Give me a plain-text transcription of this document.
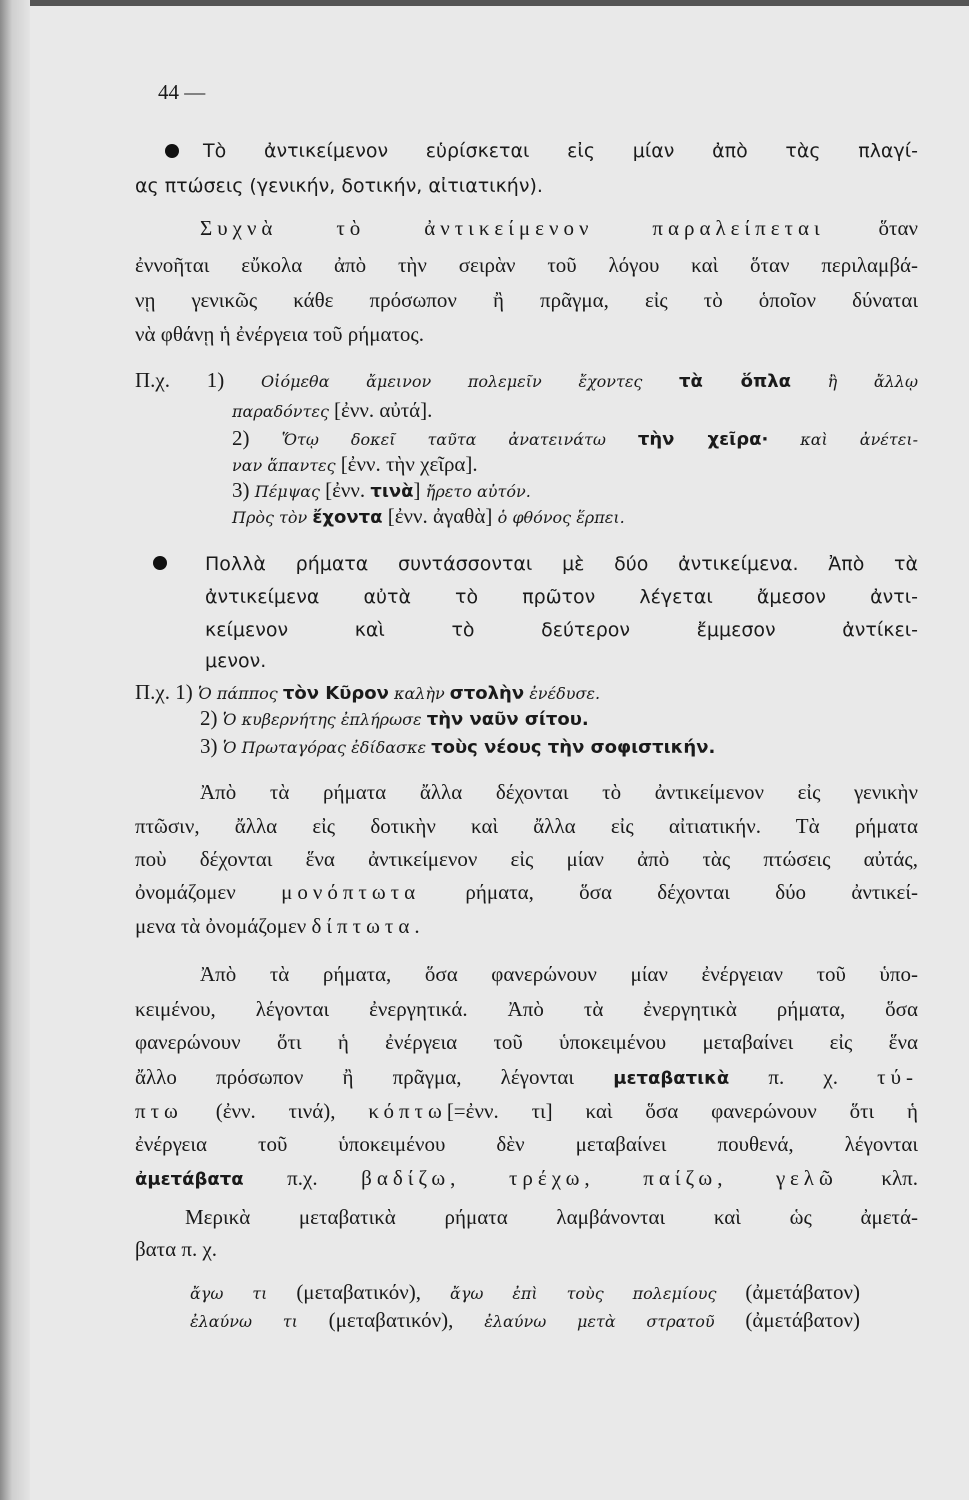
44 —
Τὸ ἀντικείμενον εὑρίσκεται εἰς μίαν ἀπὸ τὰς πλαγί-
ας πτώσεις (γενικήν, δοτικήν, αἰτιατικήν).
Συχνὰ τὸ ἀντικείμενον παραλείπεται ὅταν
ἐννοῆται εὔκολα ἀπὸ τὴν σειρὰν τοῦ λόγου καὶ ὅταν περιλαμβά-
νῃ γενικῶς κάθε πρόσωπον ἢ πρᾶγμα, εἰς τὸ ὁποῖον δύναται
νὰ φθάνῃ ἡ ἐνέργεια τοῦ ρήματος.
Π.χ. 1) Οἰόμεθα ἄμεινον πολεμεῖν ἔχοντες τὰ ὅπλα ἢ ἄλλῳ
παραδόντες [ἐνν. αὐτά].
2) Ὅτῳ δοκεῖ ταῦτα ἀνατεινάτω τὴν χεῖρα· καὶ ἀνέτει-
ναν ἅπαντες [ἐνν. τὴν χεῖρα].
3) Πέμψας [ἐνν. τινὰ] ἤρετο αὐτόν.
Πρὸς τὸν ἔχοντα [ἐνν. ἀγαθὰ] ὁ φθόνος ἕρπει.
Πολλὰ ρήματα συντάσσονται μὲ δύο ἀντικείμενα. Ἀπὸ τὰ
ἀντικείμενα αὐτὰ τὸ πρῶτον λέγεται ἄμεσον ἀντι-
κείμενον καὶ τὸ δεύτερον ἔμμεσον ἀντίκει-
μενον.
Π.χ. 1) Ὁ πάππος τὸν Κῦρον καλὴν στολὴν ἐνέδυσε.
2) Ὁ κυβερνήτης ἐπλήρωσε τὴν ναῦν σίτου.
3) Ὁ Πρωταγόρας ἐδίδασκε τοὺς νέους τὴν σοφιστικήν.
Ἀπὸ τὰ ρήματα ἄλλα δέχονται τὸ ἀντικείμενον εἰς γενικὴν
πτῶσιν, ἄλλα εἰς δοτικὴν καὶ ἄλλα εἰς αἰτιατικήν. Τὰ ρήματα
ποὺ δέχονται ἕνα ἀντικείμενον εἰς μίαν ἀπὸ τὰς πτώσεις αὐτάς,
ὀνομάζομεν μονόπτωτα ρήματα, ὅσα δέχονται δύο ἀντικεί-
μενα τὰ ὀνομάζομεν δίπτωτα.
Ἀπὸ τὰ ρήματα, ὅσα φανερώνουν μίαν ἐνέργειαν τοῦ ὑπο-
κειμένου, λέγονται ἐνεργητικά. Ἀπὸ τὰ ἐνεργητικὰ ρήματα, ὅσα
φανερώνουν ὅτι ἡ ἐνέργεια τοῦ ὑποκειμένου μεταβαίνει εἰς ἕνα
ἄλλο πρόσωπον ἢ πρᾶγμα, λέγονται μεταβατικὰ π. χ. τύ-
πτω (ἐνν. τινά), κόπτω[=ἐνν. τι] καὶ ὅσα φανερώνουν ὅτι ἡ
ἐνέργεια τοῦ ὑποκειμένου δὲν μεταβαίνει πουθενά, λέγονται
ἀμετάβατα π.χ. βαδίζω, τρέχω, παίζω, γελῶ κλπ.
Μερικὰ μεταβατικὰ ρήματα λαμβάνονται καὶ ὡς ἀμετά-
βατα π. χ.
ἄγω τι (μεταβατικόν), ἄγω ἐπὶ τοὺς πολεμίους (ἀμετάβατον)
ἐλαύνω τι (μεταβατικόν), ἐλαύνω μετὰ στρατοῦ (ἀμετάβατον)
